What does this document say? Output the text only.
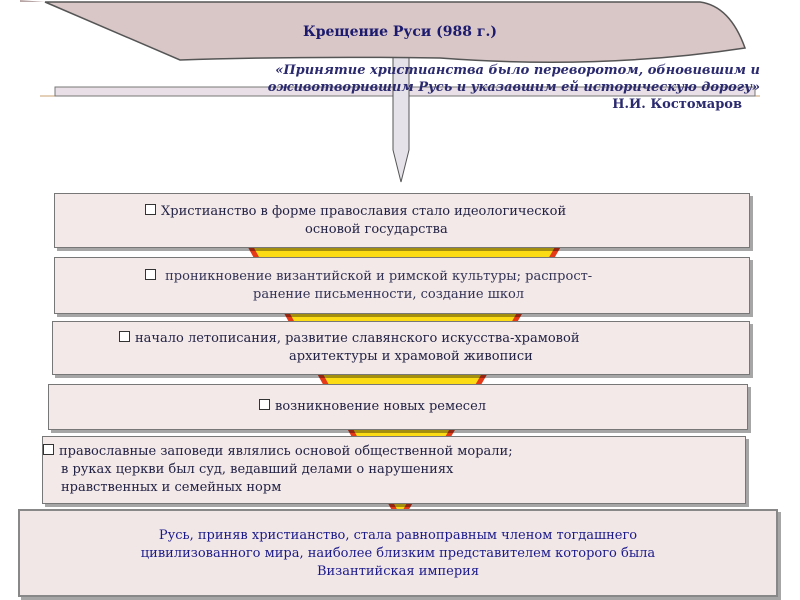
Крещение Руси (988 г.)
«Принятие христианства было переворотом, обновившим и
оживотворившим Русь и указавшим ей историческую дорогу»

Н.И. Костомаров
Христианство в форме православия стало идеологической
основой государства
проникновение византийской и римской культуры; распрост-
ранение письменности, создание школ
начало летописания, развитие славянского искусства-храмовой
архитектуры и храмовой живописи
возникновение новых ремесел
православные заповеди являлись основой общественной морали;
в руках церкви был суд, ведавший делами о нарушениях
нравственных и семейных норм
Русь, приняв христианство, стала равноправным членом тогдашнего
цивилизованного мира, наиболее близким представителем которого была
Византийская империя
